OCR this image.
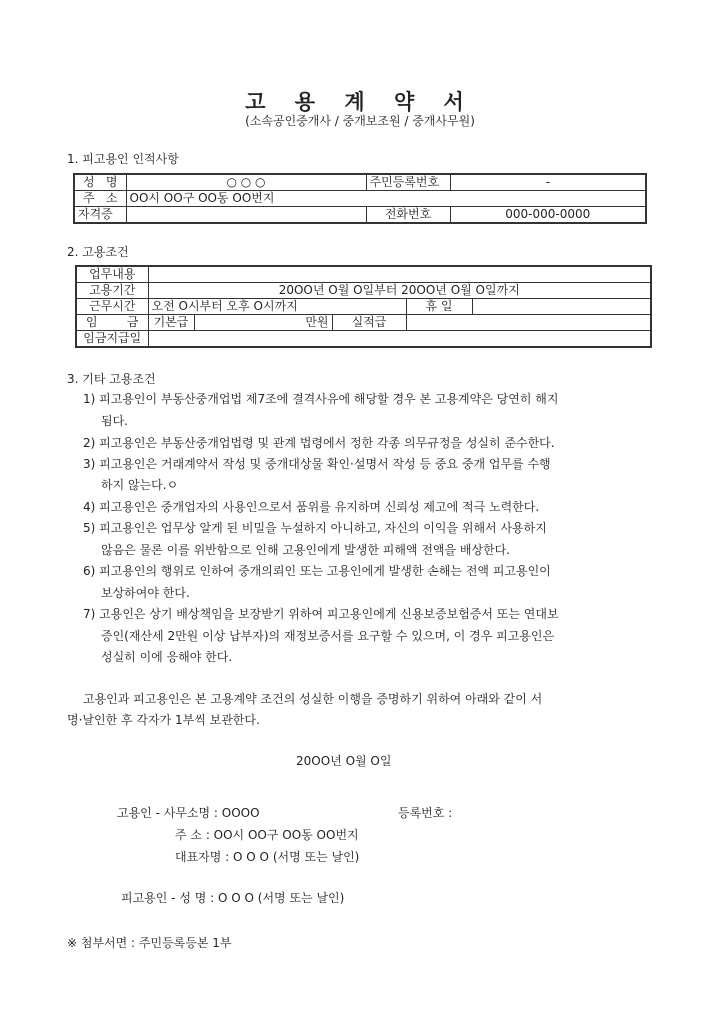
고 용 계 약 서
(소속공인중개사 / 중개보조원 / 중개사무원)
1. 피고용인 인적사항
성 명	○ ○ ○	주민등록번호	-

주 소	OO시 OO구 OO동 OO번지		
자격증		전화번호	000-000-0000
2. 고용조건
업무내용					
고용기간	20OO년 O월 O일부터 20OO년 O월 O일까지				
근무시간	오전 O시부터 오후 O시까지			휴 일	

임 금	기본급	만원	실적급		
임금지급일					
3. 기타 고용조건
1) 피고용인이 부동산중개업법 제7조에 결격사유에 해당할 경우 본 고용계약은 당연히 해지
됨다.
2) 피고용인은 부동산중개업법령 및 관계 법령에서 정한 각종 의무규정을 성실히 준수한다.
3) 피고용인은 거래계약서 작성 및 중개대상물 확인·설명서 작성 등 중요 중개 업무를 수행
하지 않는다.ㅇ
4) 피고용인은 중개업자의 사용인으로서 품위를 유지하며 신뢰성 제고에 적극 노력한다.
5) 피고용인은 업무상 알게 된 비밀을 누설하지 아니하고, 자신의 이익을 위해서 사용하지
않음은 물론 이를 위반함으로 인해 고용인에게 발생한 피해액 전액을 배상한다.
6) 피고용인의 행위로 인하여 중개의뢰인 또는 고용인에게 발생한 손해는 전액 피고용인이
보상하여야 한다.
7) 고용인은 상기 배상책임을 보장받기 위하여 피고용인에게 신용보증보험증서 또는 연대보
증인(재산세 2만원 이상 납부자)의 재정보증서를 요구할 수 있으며, 이 경우 피고용인은
성실히 이에 응해야 한다.
고용인과 피고용인은 본 고용계약 조건의 성실한 이행을 증명하기 위하여 아래와 같이 서
명·날인한 후 각자가 1부씩 보관한다.
20OO년 O월 O일
고용인 - 사무소명 : OOOO	등록번호 :
주 소 : OO시 OO구 OO동 OO번지
대표자명 : O O O (서명 또는 날인)
피고용인 - 성 명 : O O O (서명 또는 날인)
※ 첨부서면 : 주민등록등본 1부
